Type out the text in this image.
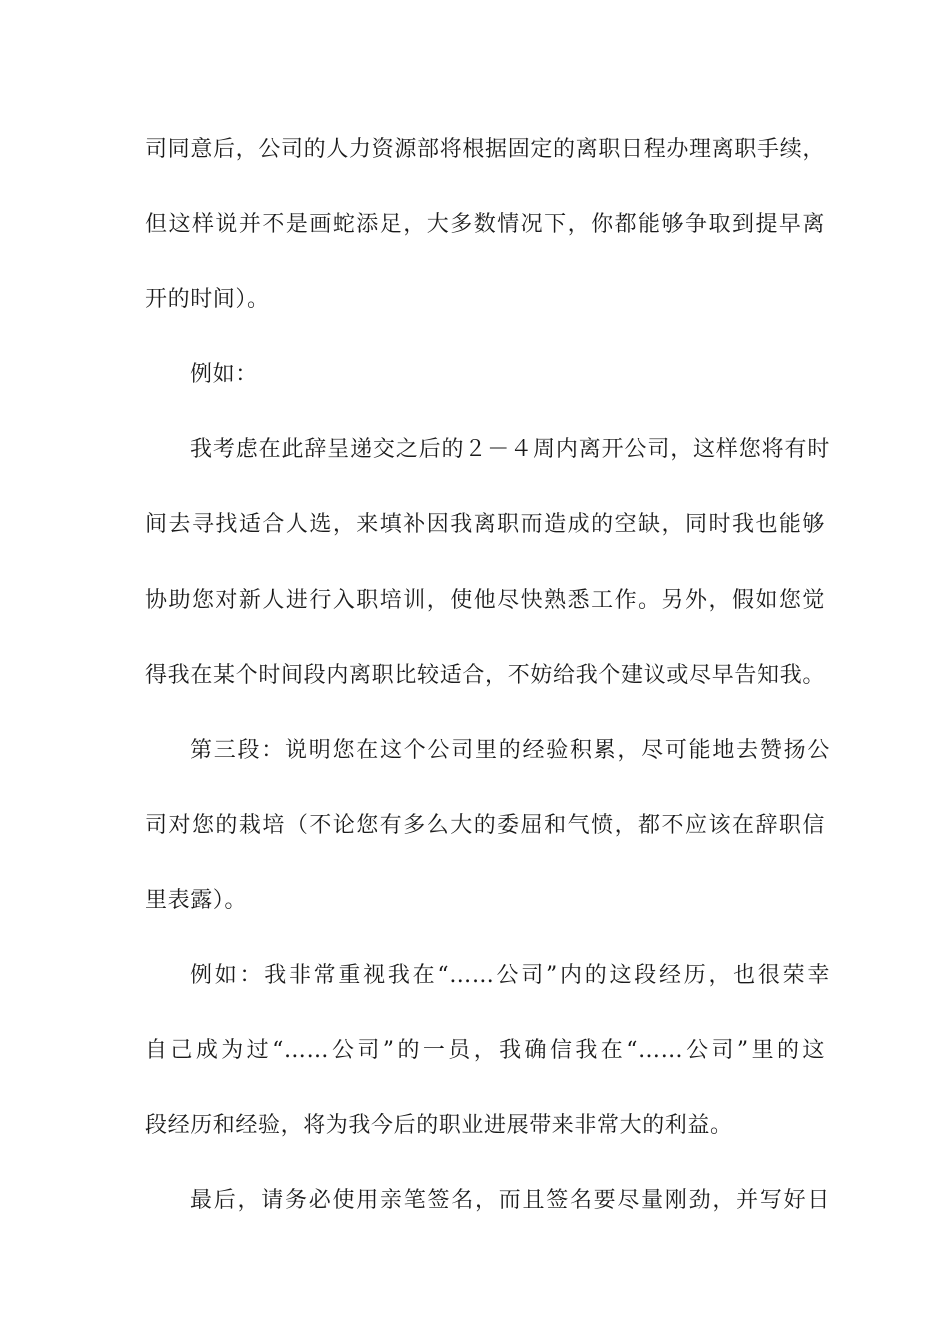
司同意后，公司的人力资源部将根据固定的离职日程办理离职手续，
但这样说并不是画蛇添足，大多数情况下，你都能够争取到提早离
开的时间）。
例如：
我考虑在此辞呈递交之后的２－４周内离开公司，这样您将有时
间去寻找适合人选，来填补因我离职而造成的空缺，同时我也能够
协助您对新人进行入职培训，使他尽快熟悉工作。另外，假如您觉
得我在某个时间段内离职比较适合，不妨给我个建议或尽早告知我。
第三段：说明您在这个公司里的经验积累，尽可能地去赞扬公
司对您的栽培（不论您有多么大的委屈和气愤，都不应该在辞职信
里表露）。
例如：我非常重视我在“……公司”内的这段经历，也很荣幸
自己成为过“……公司”的一员，我确信我在“……公司”里的这
段经历和经验，将为我今后的职业进展带来非常大的利益。
最后，请务必使用亲笔签名，而且签名要尽量刚劲，并写好日
